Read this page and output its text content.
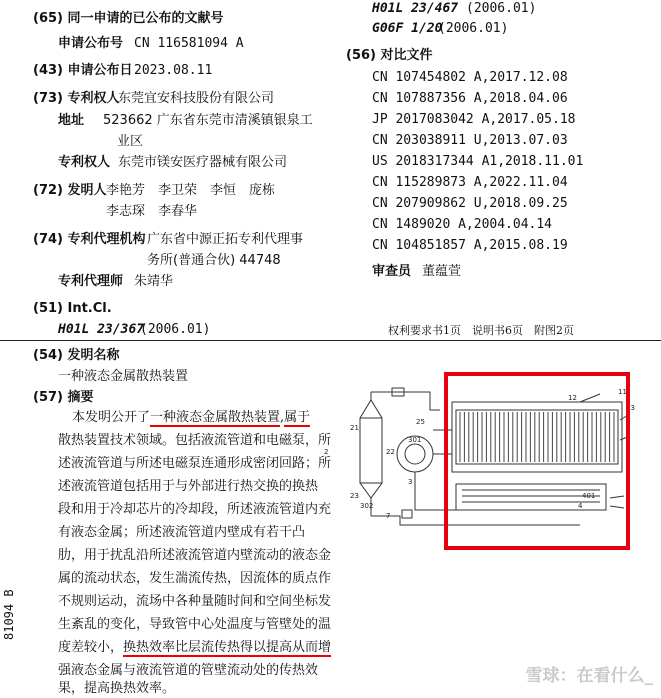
(65) 同一申请的已公布的文献号
申请公布号 CN 116581094 A
(43) 申请公布日 2023.08.11
(73) 专利权人
东莞宜安科技股份有限公司
地址 523662 广东省东莞市清溪镇银泉工
业区
专利权人 东莞市镁安医疗器械有限公司
(72) 发明人 李艳芳　李卫荣　李恒　庞栋
李志琛　李春华
(74) 专利代理机构 广东省中源正拓专利代理事
务所(普通合伙) 44748
专利代理师 朱靖华
(51) Int.Cl.
H01L 23/367
(2006.01)
H01L 23/467 (2006.01)
G06F 1/20
(2006.01)
(56) 对比文件
CN 107454802 A,2017.12.08
CN 107887356 A,2018.04.06
JP 2017083042 A,2017.05.18
CN 203038911 U,2013.07.03
US 2018317344 A1,2018.11.01
CN 115289873 A,2022.11.04
CN 207909862 U,2018.09.25
CN 1489020 A,2004.04.14
CN 104851857 A,2015.08.19
审查员 董蕴萱
权利要求书1页　说明书6页　附图2页
(54) 发明名称
一种液态金属散热装置
(57) 摘要
本发明公开了一种液态金属散热装置,属于
散热装置技术领域。包括液流管道和电磁泵，所
述液流管道与所述电磁泵连通形成密闭回路；所
述液流管道包括用于与外部进行热交换的换热
段和用于冷却芯片的冷却段，所述液流管道内充
有液态金属；所述液流管道内壁成有若干凸
肋，用于扰乱沿所述液流管道内壁流动的液态金
属的流动状态，发生湍流传热，因流体的质点作
不规则运动，流场中各种量随时间和空间坐标发
生紊乱的变化，导致管中心处温度与管壁处的温
度差较小，换热效率比层流传热得以提高从而增
强液态金属与液流管道的管壁流动处的传热效
果，提高换热效率。
11
12
13
1
2
21
22
23
25
3
301
302	4
401
5
6
7
81094 B
雪球：在看什么_
